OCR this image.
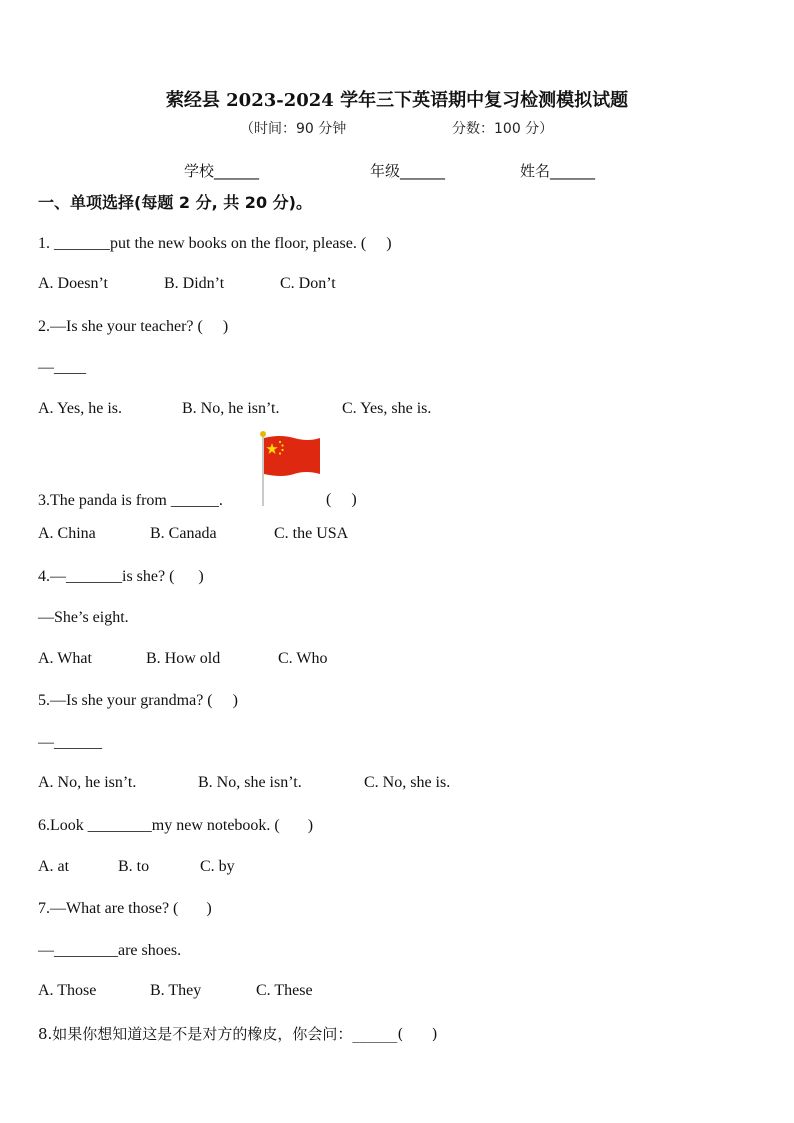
萦经县 2023-2024 学年三下英语期中复习检测模拟试题
（时间：90 分钟	分数：100 分）
学校______	年级______	姓名______
一、单项选择(每题 2 分, 共 20 分)。
1. _______put the new books on the floor, please. (     )
A. Doesn’t	B. Didn’t	C. Don’t
2.—Is she your teacher? (     )
—____
A. Yes, he is.	B. No, he isn’t.	C. Yes, she is.
3.The panda is from ______.	(     )
A. China	B. Canada	C. the USA
4.—_______is she? (      )
—She’s eight.
A. What	B. How old	C. Who
5.—Is she your grandma? (     )
—______
A. No, he isn’t.	B. No, she isn’t.	C. No, she is.
6.Look ________my new notebook. (       )
A. at	B. to	C. by
7.—What are those? (       )
—________are shoes.
A. Those	B. They	C. These
8.如果你想知道这是不是对方的橡皮，你会问：______(      )
